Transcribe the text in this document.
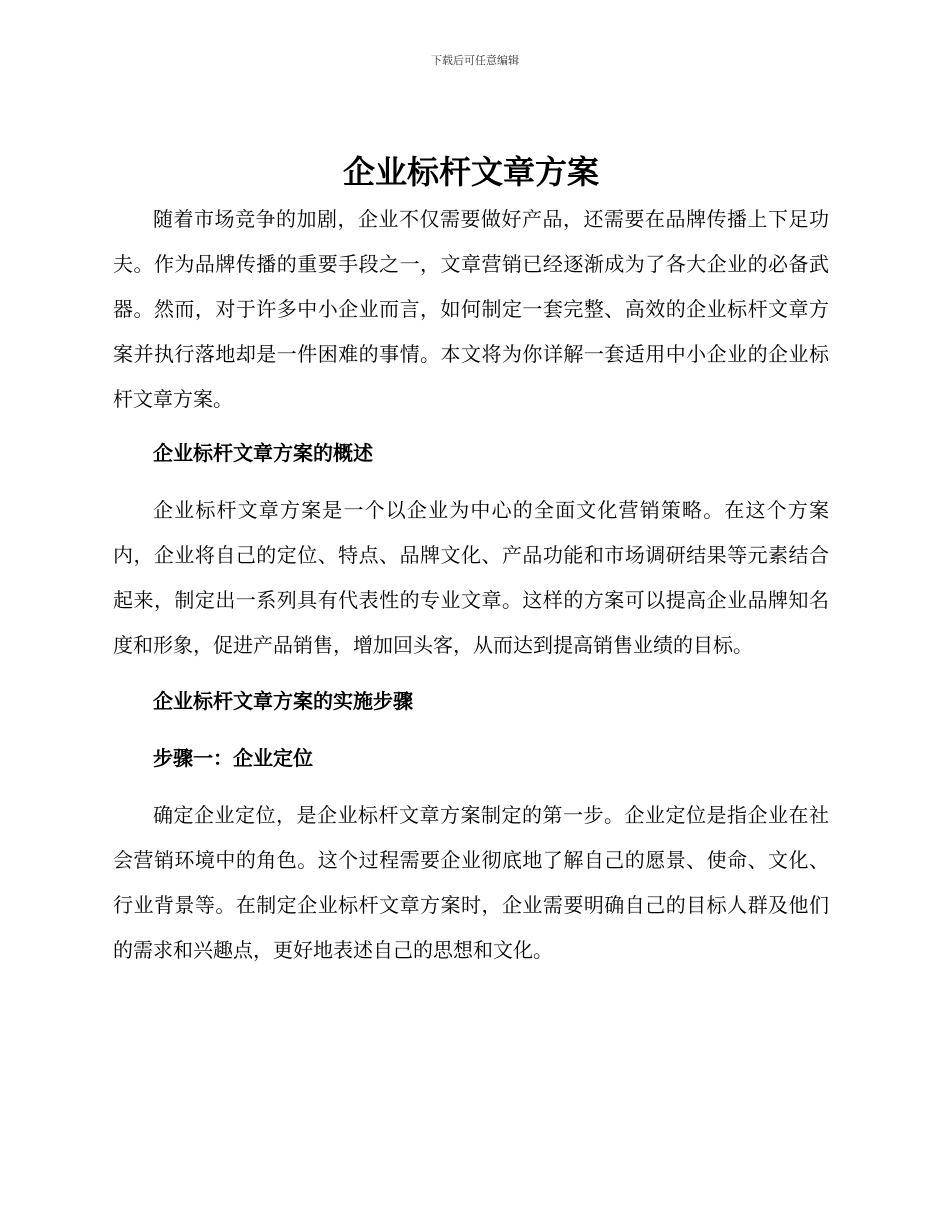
下载后可任意编辑
企业标杆文章方案

随着市场竞争的加剧，企业不仅需要做好产品，还需要在品牌传播上下足功夫。作为品牌传播的重要手段之一，文章营销已经逐渐成为了各大企业的必备武器。然而，对于许多中小企业而言，如何制定一套完整、高效的企业标杆文章方案并执行落地却是一件困难的事情。本文将为你详解一套适用中小企业的企业标杆文章方案。

企业标杆文章方案的概述

企业标杆文章方案是一个以企业为中心的全面文化营销策略。在这个方案内，企业将自己的定位、特点、品牌文化、产品功能和市场调研结果等元素结合起来，制定出一系列具有代表性的专业文章。这样的方案可以提高企业品牌知名度和形象，促进产品销售，增加回头客，从而达到提高销售业绩的目标。

企业标杆文章方案的实施步骤
步骤一：企业定位

确定企业定位，是企业标杆文章方案制定的第一步。企业定位是指企业在社会营销环境中的角色。这个过程需要企业彻底地了解自己的愿景、使命、文化、行业背景等。在制定企业标杆文章方案时，企业需要明确自己的目标人群及他们的需求和兴趣点，更好地表述自己的思想和文化。
